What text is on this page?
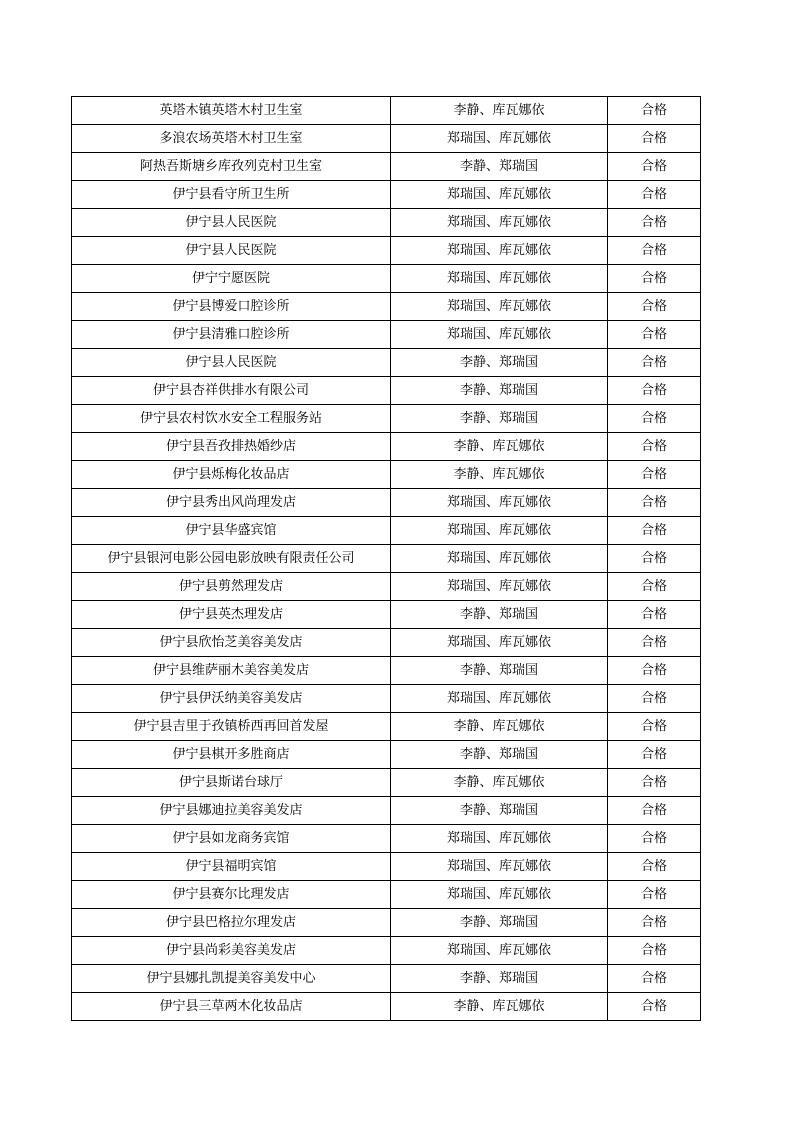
英塔木镇英塔木村卫生室	李静、库瓦娜依	合格
多浪农场英塔木村卫生室	郑瑞国、库瓦娜依	合格
阿热吾斯塘乡库孜列克村卫生室	李静、郑瑞国	合格
伊宁县看守所卫生所	郑瑞国、库瓦娜依	合格
伊宁县人民医院	郑瑞国、库瓦娜依	合格
伊宁县人民医院	郑瑞国、库瓦娜依	合格
伊宁宁愿医院	郑瑞国、库瓦娜依	合格
伊宁县博爱口腔诊所	郑瑞国、库瓦娜依	合格
伊宁县清雅口腔诊所	郑瑞国、库瓦娜依	合格
伊宁县人民医院	李静、郑瑞国	合格
伊宁县杏祥供排水有限公司	李静、郑瑞国	合格
伊宁县农村饮水安全工程服务站	李静、郑瑞国	合格
伊宁县吾孜排热婚纱店	李静、库瓦娜依	合格
伊宁县烁梅化妆品店	李静、库瓦娜依	合格
伊宁县秀出风尚理发店	郑瑞国、库瓦娜依	合格
伊宁县华盛宾馆	郑瑞国、库瓦娜依	合格
伊宁县银河电影公园电影放映有限责任公司	郑瑞国、库瓦娜依	合格
伊宁县剪然理发店	郑瑞国、库瓦娜依	合格
伊宁县英杰理发店	李静、郑瑞国	合格
伊宁县欣怡芝美容美发店	郑瑞国、库瓦娜依	合格
伊宁县维萨丽木美容美发店	李静、郑瑞国	合格
伊宁县伊沃纳美容美发店	郑瑞国、库瓦娜依	合格
伊宁县吉里于孜镇桥西再回首发屋	李静、库瓦娜依	合格
伊宁县棋开多胜商店	李静、郑瑞国	合格
伊宁县斯诺台球厅	李静、库瓦娜依	合格
伊宁县娜迪拉美容美发店	李静、郑瑞国	合格
伊宁县如龙商务宾馆	郑瑞国、库瓦娜依	合格
伊宁县福明宾馆	郑瑞国、库瓦娜依	合格
伊宁县赛尔比理发店	郑瑞国、库瓦娜依	合格
伊宁县巴格拉尔理发店	李静、郑瑞国	合格
伊宁县尚彩美容美发店	郑瑞国、库瓦娜依	合格
伊宁县娜扎凯提美容美发中心	李静、郑瑞国	合格
伊宁县三草两木化妆品店	李静、库瓦娜依	合格
